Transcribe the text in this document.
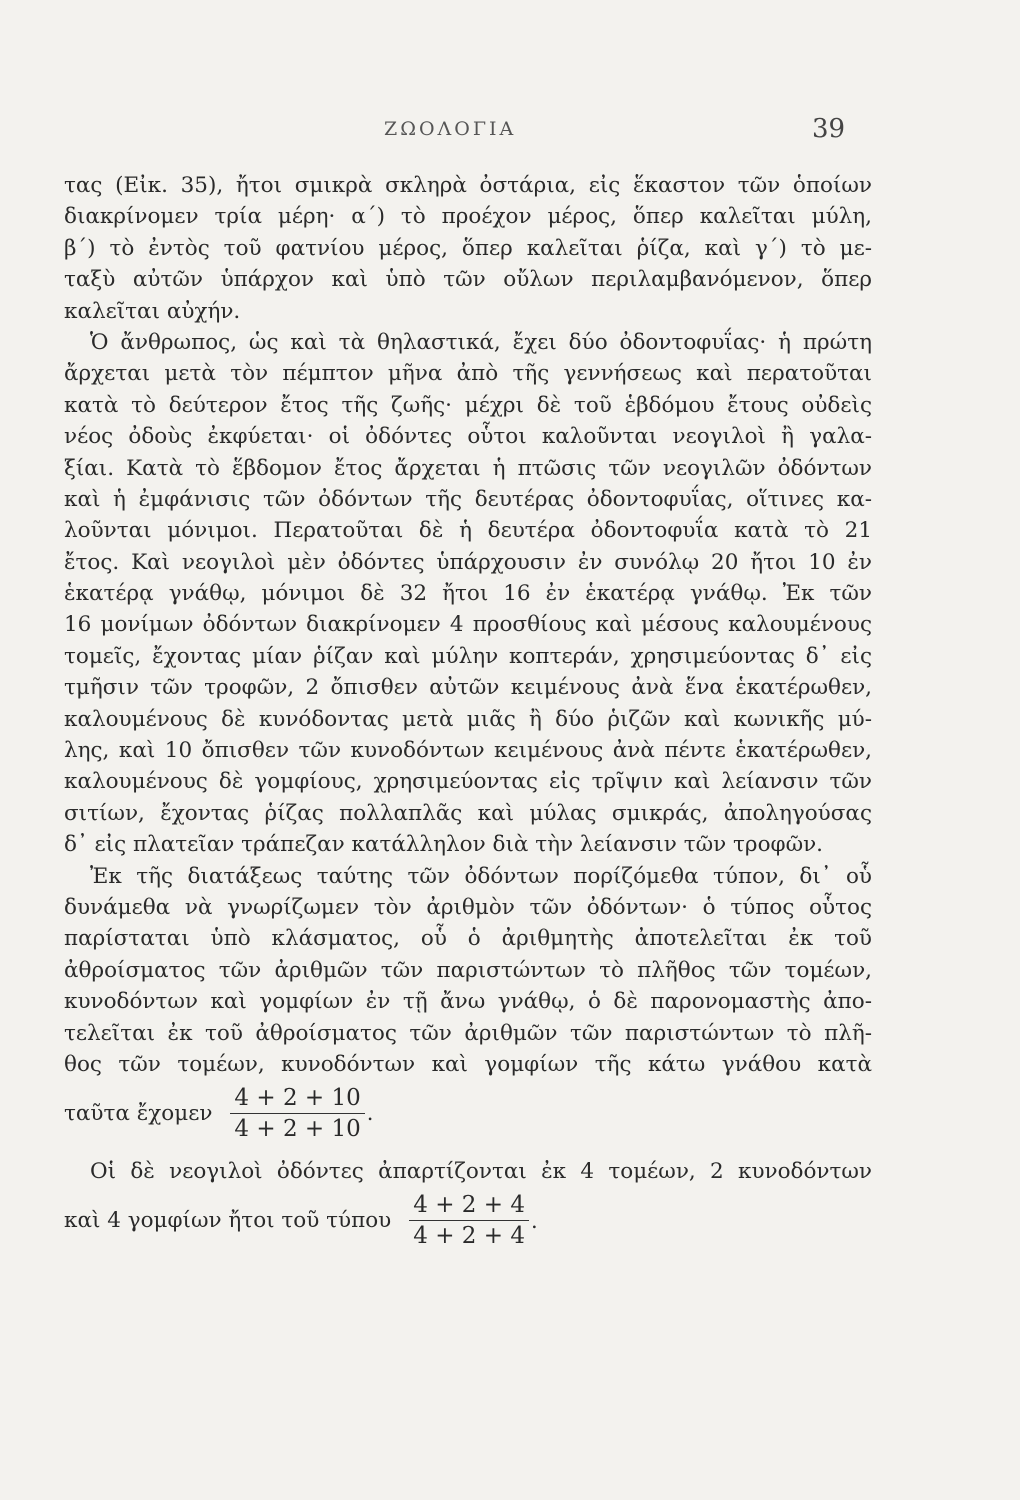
ΖΩΟΛΟΓΙΑ	39
τας (Εἰκ. 35), ἤτοι σμικρὰ σκληρὰ ὀστάρια, εἰς ἕκαστον τῶν ὁποίων
διακρίνομεν τρία μέρη· α΄) τὸ προέχον μέρος, ὅπερ καλεῖται μύλη,
β΄) τὸ ἐντὸς τοῦ φατνίου μέρος, ὅπερ καλεῖται ῥίζα, καὶ γ΄) τὸ με-
ταξὺ αὐτῶν ὑπάρχον καὶ ὑπὸ τῶν οὔλων περιλαμβανόμενον, ὅπερ
καλεῖται αὐχήν.
Ὁ ἄνθρωπος, ὡς καὶ τὰ θηλαστικά, ἔχει δύο ὀδοντοφυΐας· ἡ πρώτη
ἄρχεται μετὰ τὸν πέμπτον μῆνα ἀπὸ τῆς γεννήσεως καὶ περατοῦται
κατὰ τὸ δεύτερον ἔτος τῆς ζωῆς· μέχρι δὲ τοῦ ἑβδόμου ἔτους οὐδεὶς
νέος ὀδοὺς ἐκφύεται· οἱ ὀδόντες οὗτοι καλοῦνται νεογιλοὶ ἢ γαλα-
ξίαι. Κατὰ τὸ ἕβδομον ἔτος ἄρχεται ἡ πτῶσις τῶν νεογιλῶν ὀδόντων
καὶ ἡ ἐμφάνισις τῶν ὀδόντων τῆς δευτέρας ὀδοντοφυΐας, οἵτινες κα-
λοῦνται μόνιμοι. Περατοῦται δὲ ἡ δευτέρα ὀδοντοφυΐα κατὰ τὸ 21
ἔτος. Καὶ νεογιλοὶ μὲν ὀδόντες ὑπάρχουσιν ἐν συνόλῳ 20 ἤτοι 10 ἐν
ἑκατέρᾳ γνάθῳ, μόνιμοι δὲ 32 ἤτοι 16 ἐν ἑκατέρᾳ γνάθῳ. Ἐκ τῶν
16 μονίμων ὀδόντων διακρίνομεν 4 προσθίους καὶ μέσους καλουμένους
τομεῖς, ἔχοντας μίαν ῥίζαν καὶ μύλην κοπτεράν, χρησιμεύοντας δ᾽ εἰς
τμῆσιν τῶν τροφῶν, 2 ὄπισθεν αὐτῶν κειμένους ἀνὰ ἕνα ἑκατέρωθεν,
καλουμένους δὲ κυνόδοντας μετὰ μιᾶς ἢ δύο ῥιζῶν καὶ κωνικῆς μύ-
λης, καὶ 10 ὄπισθεν τῶν κυνοδόντων κειμένους ἀνὰ πέντε ἑκατέρωθεν,
καλουμένους δὲ γομφίους, χρησιμεύοντας εἰς τρῖψιν καὶ λείανσιν τῶν
σιτίων, ἔχοντας ῥίζας πολλαπλᾶς καὶ μύλας σμικράς, ἀποληγούσας
δ᾽ εἰς πλατεῖαν τράπεζαν κατάλληλον διὰ τὴν λείανσιν τῶν τροφῶν.
Ἐκ τῆς διατάξεως ταύτης τῶν ὀδόντων πορίζόμεθα τύπον, δι᾽ οὗ
δυνάμεθα νὰ γνωρίζωμεν τὸν ἀριθμὸν τῶν ὀδόντων· ὁ τύπος οὗτος
παρίσταται ὑπὸ κλάσματος, οὗ ὁ ἀριθμητὴς ἀποτελεῖται ἐκ τοῦ
ἀθροίσματος τῶν ἀριθμῶν τῶν παριστώντων τὸ πλῆθος τῶν τομέων,
κυνοδόντων καὶ γομφίων ἐν τῇ ἄνω γνάθῳ, ὁ δὲ παρονομαστὴς ἀπο-
τελεῖται ἐκ τοῦ ἀθροίσματος τῶν ἀριθμῶν τῶν παριστώντων τὸ πλῆ-
θος τῶν τομέων, κυνοδόντων καὶ γομφίων τῆς κάτω γνάθου κατὰ
ταῦτα ἔχομεν $\frac{4 + 2 + 10}{4 + 2 + 10}$ .
Οἱ δὲ νεογιλοὶ ὀδόντες ἀπαρτίζονται ἐκ 4 τομέων, 2 κυνοδόντων
καὶ 4 γομφίων ἤτοι τοῦ τύπου $\frac{4 + 2 + 4}{4 + 2 + 4}$ .
